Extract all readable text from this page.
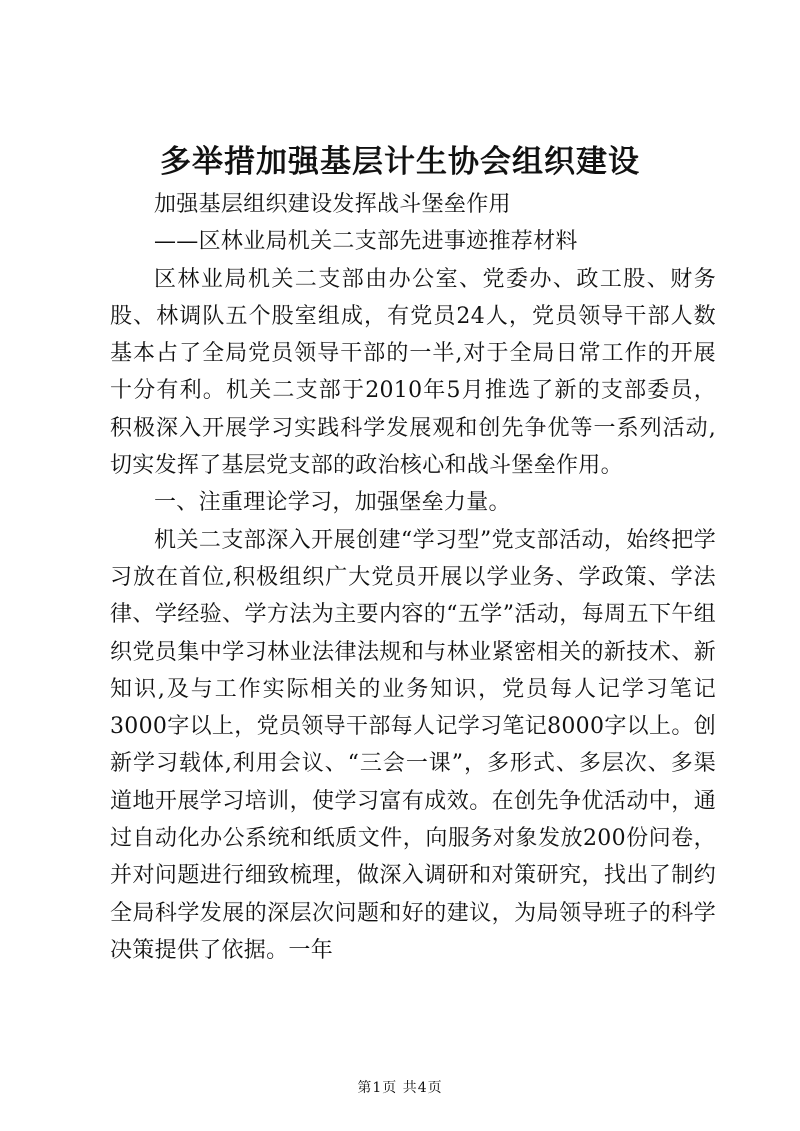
多举措加强基层计生协会组织建设

加强基层组织建设发挥战斗堡垒作用

——区林业局机关二支部先进事迹推荐材料

区林业局机关二支部由办公室、党委办、政工股、财务股、林调队五个股室组成，有党员24人，党员领导干部人数基本占了全局党员领导干部的一半,对于全局日常工作的开展十分有利。机关二支部于2010年5月推选了新的支部委员，积极深入开展学习实践科学发展观和创先争优等一系列活动,切实发挥了基层党支部的政治核心和战斗堡垒作用。

一、注重理论学习，加强堡垒力量。

机关二支部深入开展创建“学习型”党支部活动，始终把学习放在首位,积极组织广大党员开展以学业务、学政策、学法律、学经验、学方法为主要内容的“五学”活动，每周五下午组织党员集中学习林业法律法规和与林业紧密相关的新技术、新知识,及与工作实际相关的业务知识，党员每人记学习笔记3000字以上，党员领导干部每人记学习笔记8000字以上。创新学习载体,利用会议、“三会一课”，多形式、多层次、多渠道地开展学习培训，使学习富有成效。在创先争优活动中，通过自动化办公系统和纸质文件，向服务对象发放200份问卷，并对问题进行细致梳理，做深入调研和对策研究，找出了制约全局科学发展的深层次问题和好的建议，为局领导班子的科学决策提供了依据。一年

第1页 共4页
